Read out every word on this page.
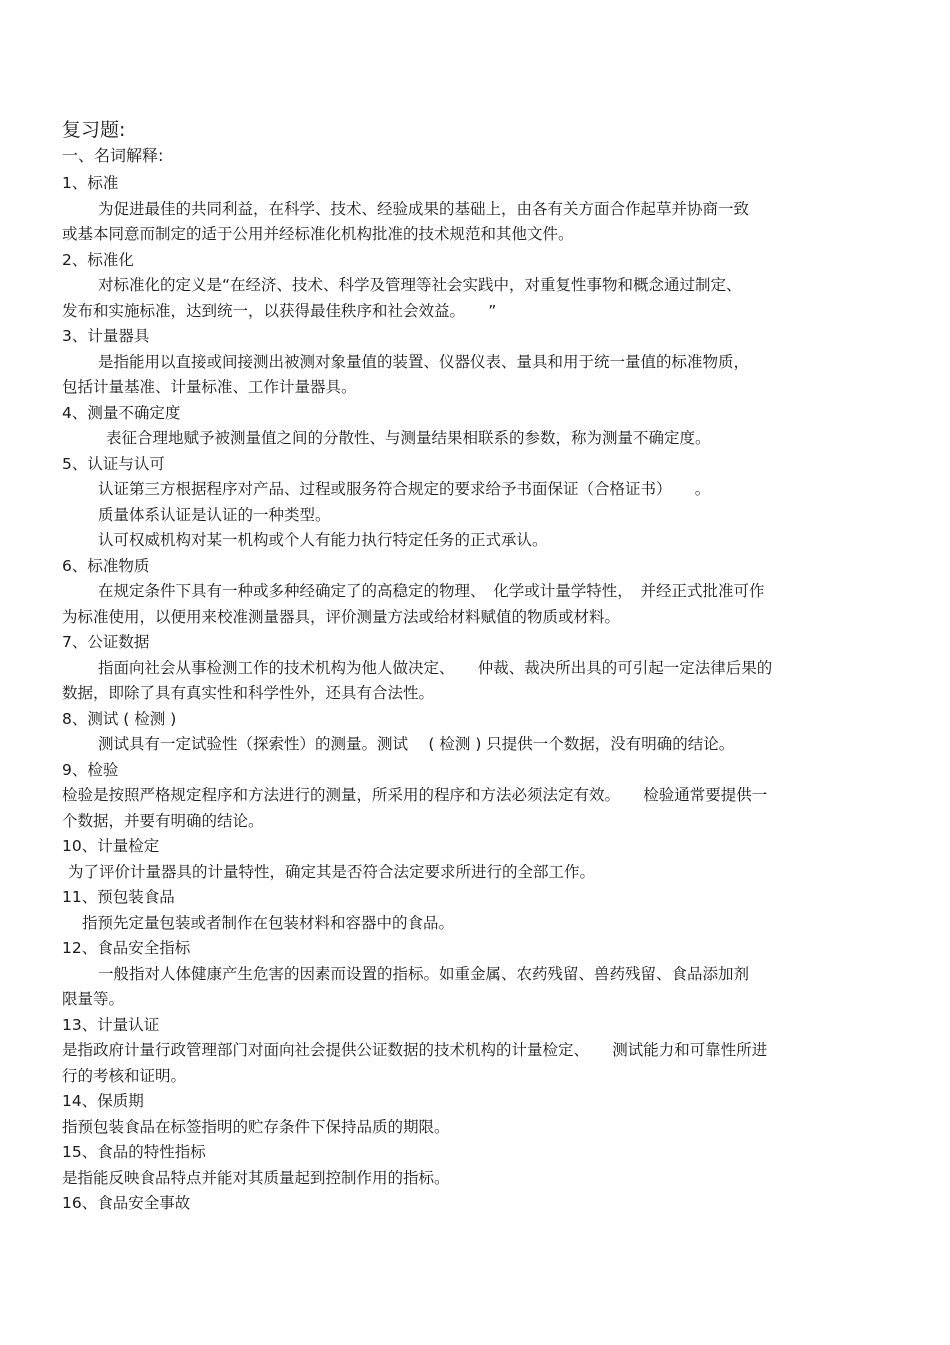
复习题:
一、名词解释:
1、标准
为促进最佳的共同利益，在科学、技术、经验成果的基础上，由各有关方面合作起草并协商一致
或基本同意而制定的适于公用并经标准化机构批准的技术规范和其他文件。
2、标准化
对标准化的定义是“在经济、技术、科学及管理等社会实践中，对重复性事物和概念通过制定、
发布和实施标准，达到统一，以获得最佳秩序和社会效益。　　”
3、计量器具
是指能用以直接或间接测出被测对象量值的装置、仪器仪表、量具和用于统一量值的标准物质，
包括计量基准、计量标准、工作计量器具。
4、测量不确定度
表征合理地赋予被测量值之间的分散性、与测量结果相联系的参数，称为测量不确定度。
5、认证与认可
认证第三方根据程序对产品、过程或服务符合规定的要求给予书面保证（合格证书）　　。
质量体系认证是认证的一种类型。
认可权威机构对某一机构或个人有能力执行特定任务的正式承认。
6、标准物质
在规定条件下具有一种或多种经确定了的高稳定的物理、　化学或计量学特性，　并经正式批准可作
为标准使用，以便用来校准测量器具，评价测量方法或给材料赋值的物质或材料。
7、公证数据
指面向社会从事检测工作的技术机构为他人做决定、　　仲裁、裁决所出具的可引起一定法律后果的
数据，即除了具有真实性和科学性外，还具有合法性。
8、测试 ( 检测 )
测试具有一定试验性（探索性）的测量。测试　 ( 检测 ) 只提供一个数据，没有明确的结论。
9、检验
检验是按照严格规定程序和方法进行的测量，所采用的程序和方法必须法定有效。　　检验通常要提供一
个数据，并要有明确的结论。
10、计量检定
为了评价计量器具的计量特性，确定其是否符合法定要求所进行的全部工作。
11、预包装食品
指预先定量包装或者制作在包装材料和容器中的食品。
12、食品安全指标
一般指对人体健康产生危害的因素而设置的指标。如重金属、农药残留、兽药残留、食品添加剂
限量等。
13、计量认证
是指政府计量行政管理部门对面向社会提供公证数据的技术机构的计量检定、　　测试能力和可靠性所进
行的考核和证明。
14、保质期
指预包装食品在标签指明的贮存条件下保持品质的期限。
15、食品的特性指标
是指能反映食品特点并能对其质量起到控制作用的指标。
16、食品安全事故
